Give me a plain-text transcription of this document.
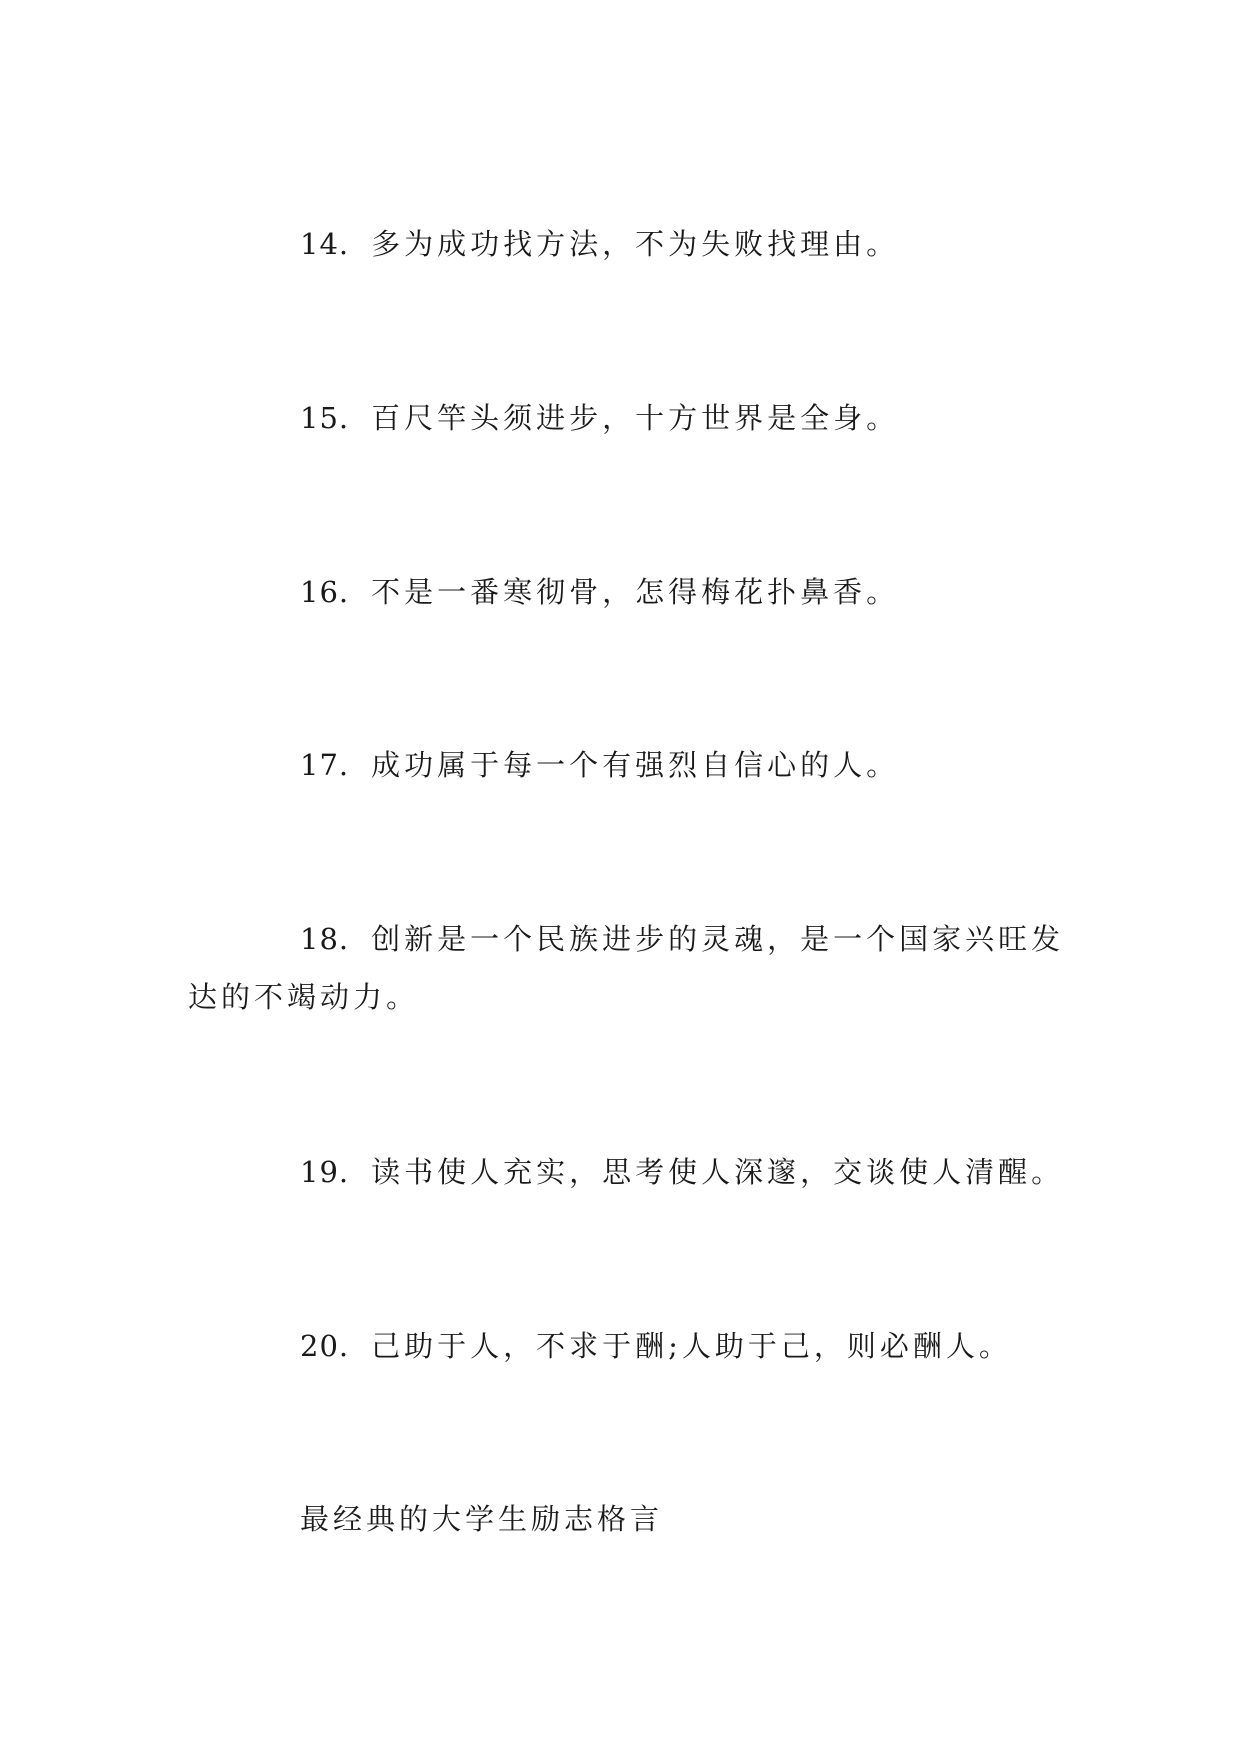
14. 多为成功找方法，不为失败找理由。

15. 百尺竿头须进步，十方世界是全身。

16. 不是一番寒彻骨，怎得梅花扑鼻香。

17. 成功属于每一个有强烈自信心的人。

18. 创新是一个民族进步的灵魂，是一个国家兴旺发达的不竭动力。

19. 读书使人充实，思考使人深邃，交谈使人清醒。

20. 己助于人，不求于酬;人助于己，则必酬人。

最经典的大学生励志格言
